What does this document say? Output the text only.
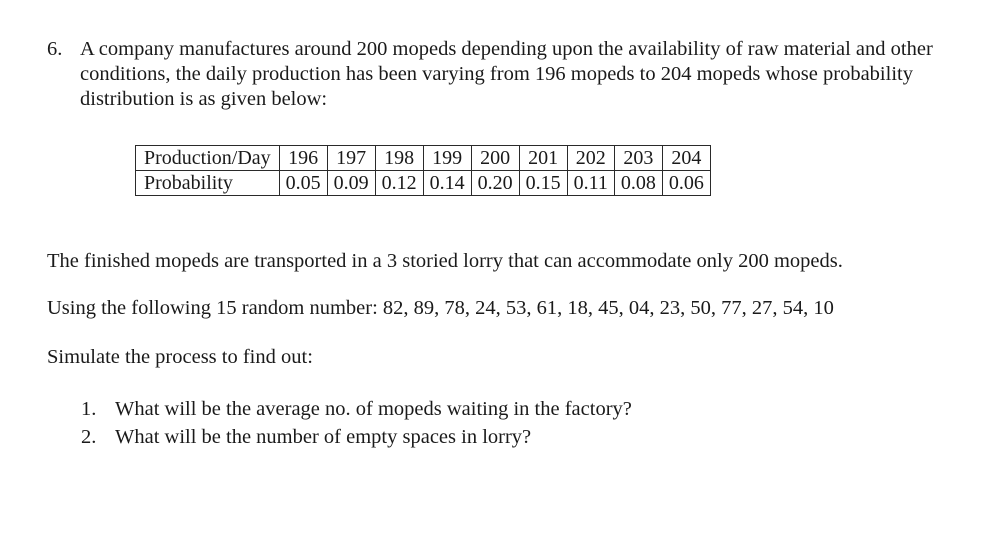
6. A company manufactures around 200 mopeds depending upon the availability of raw material and other conditions, the daily production has been varying from 196 mopeds to 204 mopeds whose probability distribution is as given below:

Production/Day	196	197	198	199	200	201	202	203	204
Probability	0.05	0.09	0.12	0.14	0.20	0.15	0.11	0.08	0.06

The finished mopeds are transported in a 3 storied lorry that can accommodate only 200 mopeds.

Using the following 15 random number: 82, 89, 78, 24, 53, 61, 18, 45, 04, 23, 50, 77, 27, 54, 10

Simulate the process to find out:

1. What will be the average no. of mopeds waiting in the factory?
2. What will be the number of empty spaces in lorry?
